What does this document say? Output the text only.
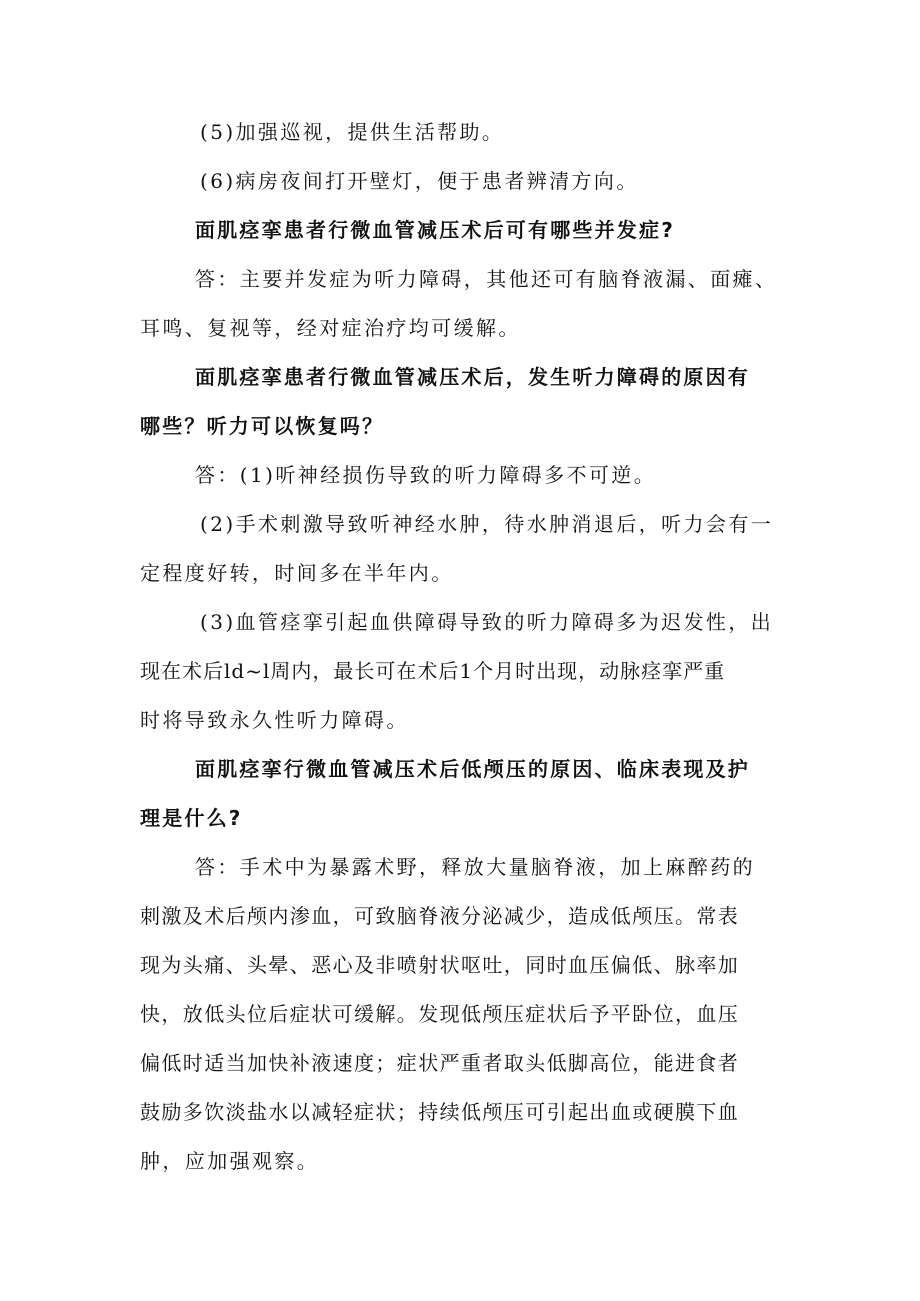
(5)加强巡视，提供生活帮助。
(6)病房夜间打开壁灯，便于患者辨清方向。
面肌痉挛患者行微血管减压术后可有哪些并发症?
答：主要并发症为听力障碍，其他还可有脑脊液漏、面瘫、
耳鸣、复视等，经对症治疗均可缓解。
面肌痉挛患者行微血管减压术后，发生听力障碍的原因有
哪些？听力可以恢复吗？
答：(1)听神经损伤导致的听力障碍多不可逆。
(2)手术刺激导致听神经水肿，待水肿消退后，听力会有一
定程度好转，时间多在半年内。
(3)血管痉挛引起血供障碍导致的听力障碍多为迟发性，出
现在术后ld~l周内，最长可在术后1个月时出现，动脉痉挛严重
时将导致永久性听力障碍。
面肌痉挛行微血管减压术后低颅压的原因、临床表现及护
理是什么?
答：手术中为暴露术野，释放大量脑脊液，加上麻醉药的
刺激及术后颅内渗血，可致脑脊液分泌减少，造成低颅压。常表
现为头痛、头晕、恶心及非喷射状呕吐，同时血压偏低、脉率加
快，放低头位后症状可缓解。发现低颅压症状后予平卧位，血压
偏低时适当加快补液速度；症状严重者取头低脚高位，能进食者
鼓励多饮淡盐水以减轻症状；持续低颅压可引起出血或硬膜下血
肿，应加强观察。
